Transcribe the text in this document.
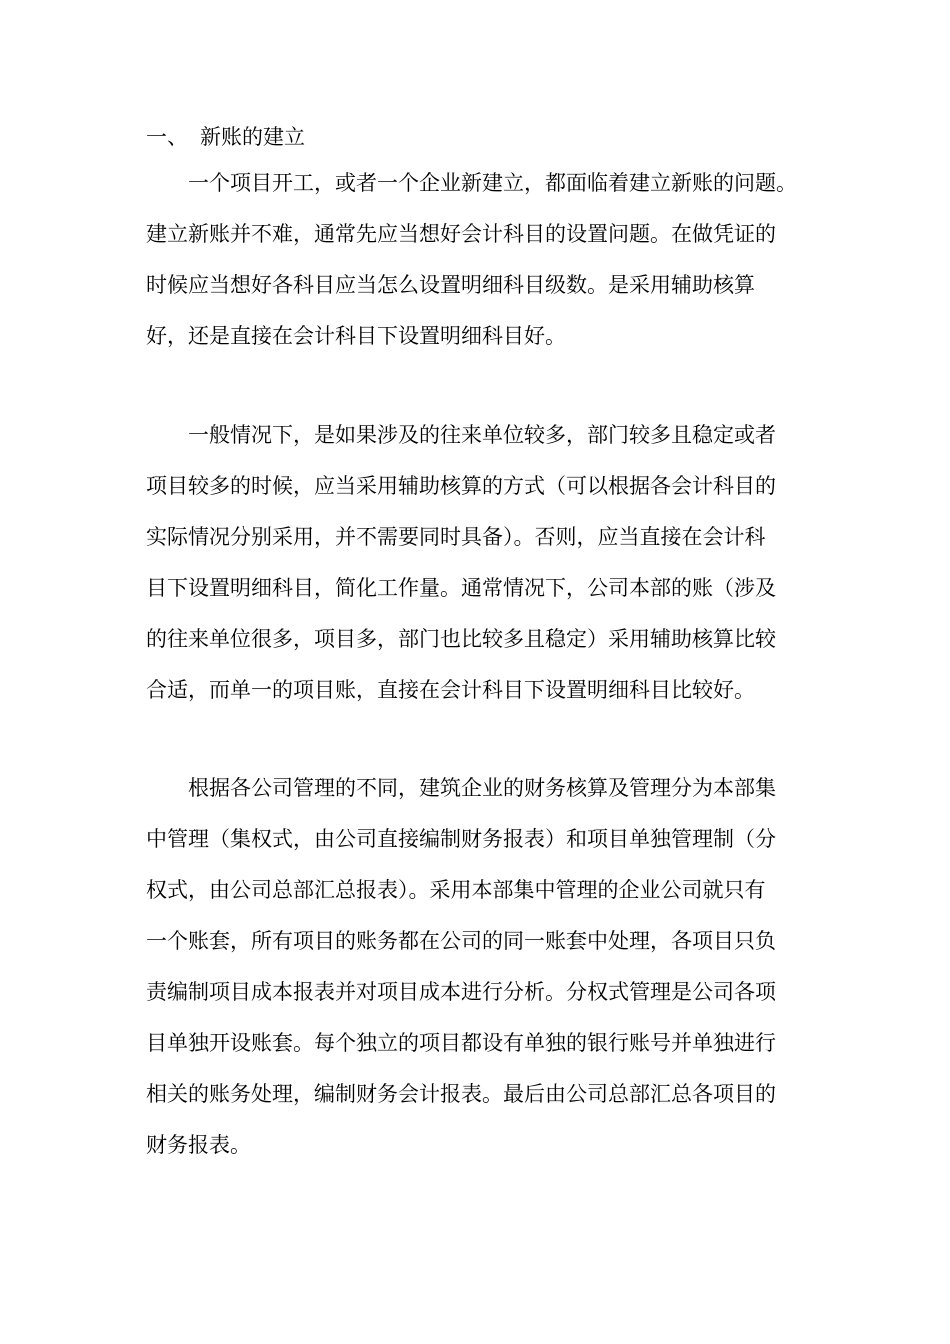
一、 新账的建立
一个项目开工，或者一个企业新建立，都面临着建立新账的问题。
建立新账并不难，通常先应当想好会计科目的设置问题。在做凭证的
时候应当想好各科目应当怎么设置明细科目级数。是采用辅助核算
好，还是直接在会计科目下设置明细科目好。
一般情况下，是如果涉及的往来单位较多，部门较多且稳定或者
项目较多的时候，应当采用辅助核算的方式（可以根据各会计科目的
实际情况分别采用，并不需要同时具备）。否则，应当直接在会计科
目下设置明细科目，简化工作量。通常情况下，公司本部的账（涉及
的往来单位很多，项目多，部门也比较多且稳定）采用辅助核算比较
合适，而单一的项目账，直接在会计科目下设置明细科目比较好。
根据各公司管理的不同，建筑企业的财务核算及管理分为本部集
中管理（集权式，由公司直接编制财务报表）和项目单独管理制（分
权式，由公司总部汇总报表）。采用本部集中管理的企业公司就只有
一个账套，所有项目的账务都在公司的同一账套中处理，各项目只负
责编制项目成本报表并对项目成本进行分析。分权式管理是公司各项
目单独开设账套。每个独立的项目都设有单独的银行账号并单独进行
相关的账务处理，编制财务会计报表。最后由公司总部汇总各项目的
财务报表。
